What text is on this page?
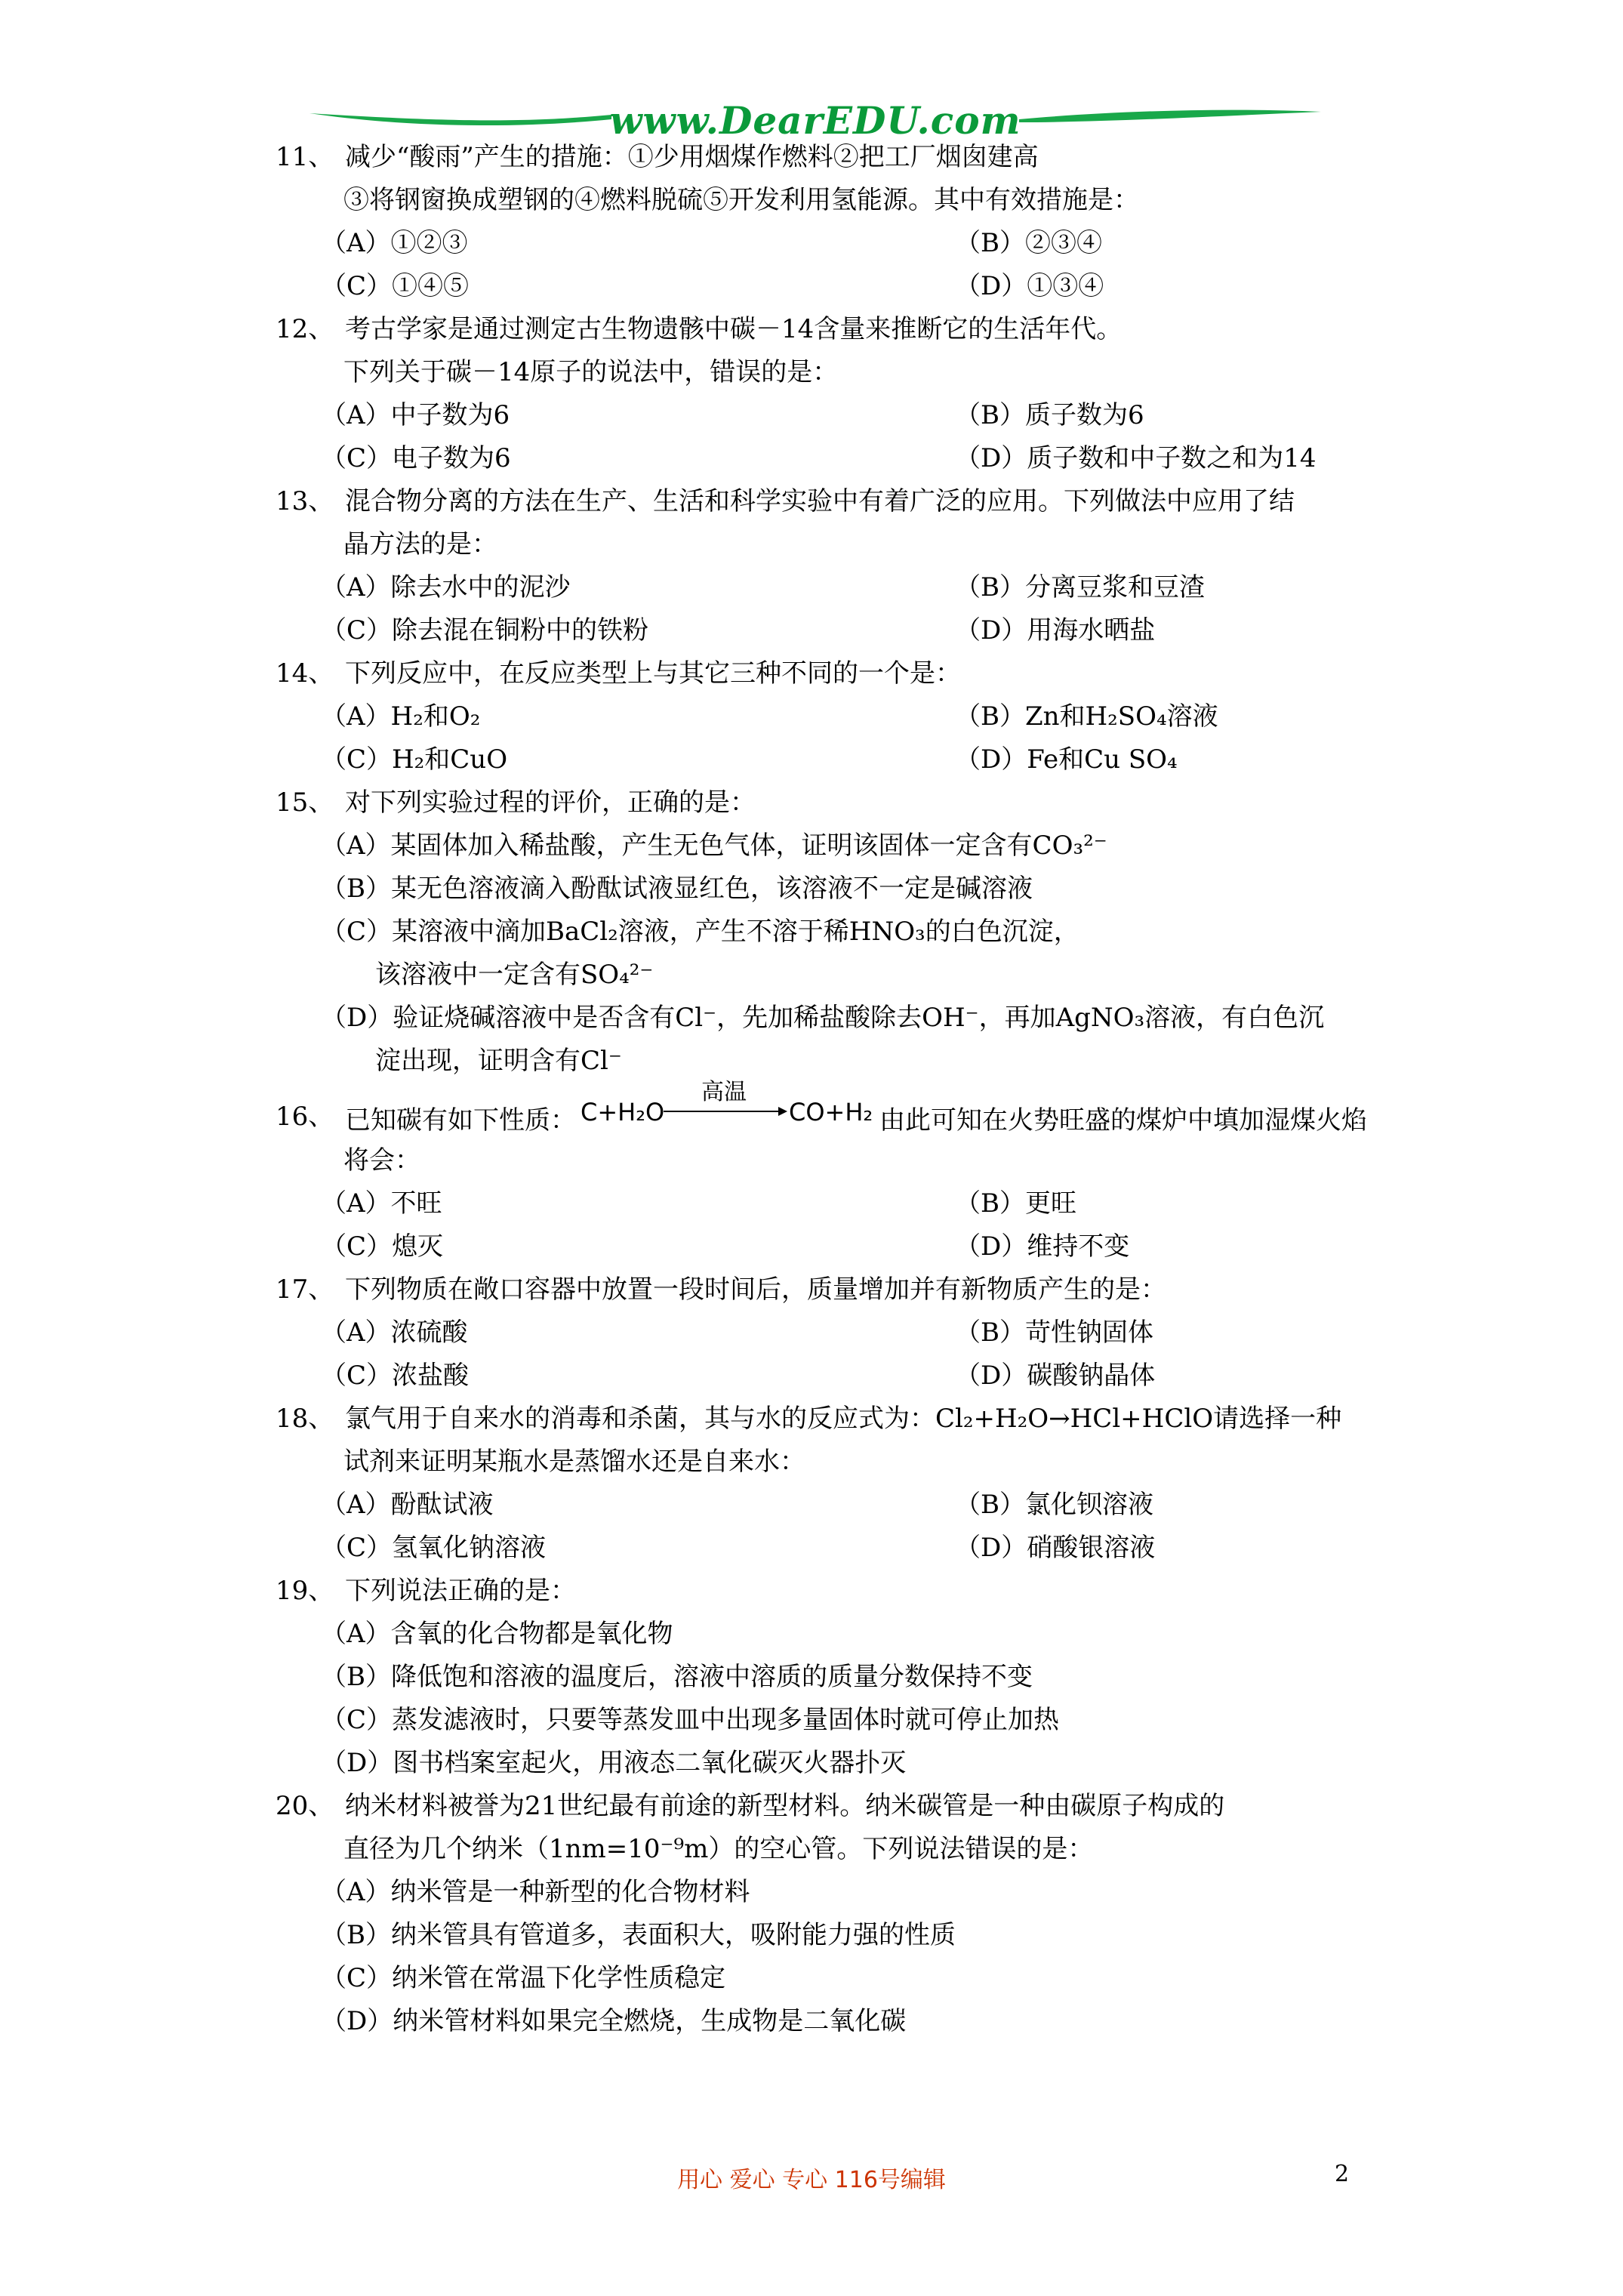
www.DearEDU.com
11、 减少“酸雨”产生的措施：①少用烟煤作燃料②把工厂烟囱建高
③将钢窗换成塑钢的④燃料脱硫⑤开发利用氢能源。其中有效措施是：
（A）①②③	（B）②③④
（C）①④⑤	（D）①③④
12、 考古学家是通过测定古生物遗骸中碳－14含量来推断它的生活年代。
下列关于碳－14原子的说法中，错误的是：
（A）中子数为6	（B）质子数为6
（C）电子数为6	（D）质子数和中子数之和为14
13、 混合物分离的方法在生产、生活和科学实验中有着广泛的应用。下列做法中应用了结
晶方法的是：
（A）除去水中的泥沙	（B）分离豆浆和豆渣
（C）除去混在铜粉中的铁粉	（D）用海水晒盐
14、 下列反应中，在反应类型上与其它三种不同的一个是：
（A）H₂和O₂	（B）Zn和H₂SO₄溶液
（C）H₂和CuO	（D）Fe和Cu SO₄
15、 对下列实验过程的评价，正确的是：
（A）某固体加入稀盐酸，产生无色气体，证明该固体一定含有CO₃²⁻
（B）某无色溶液滴入酚酞试液显红色，该溶液不一定是碱溶液
（C）某溶液中滴加BaCl₂溶液，产生不溶于稀HNO₃的白色沉淀，
该溶液中一定含有SO₄²⁻
（D）验证烧碱溶液中是否含有Cl⁻，先加稀盐酸除去OH⁻，再加AgNO₃溶液，有白色沉
淀出现，证明含有Cl⁻
16、 已知碳有如下性质： C+H₂O
高温
CO+H₂ 由此可知在火势旺盛的煤炉中填加湿煤火焰
将会：
（A）不旺	（B）更旺
（C）熄灭	（D）维持不变
17、 下列物质在敞口容器中放置一段时间后，质量增加并有新物质产生的是：
（A）浓硫酸	（B）苛性钠固体
（C）浓盐酸	（D）碳酸钠晶体
18、 氯气用于自来水的消毒和杀菌，其与水的反应式为：Cl₂+H₂O→HCl+HClO请选择一种
试剂来证明某瓶水是蒸馏水还是自来水：
（A）酚酞试液	（B）氯化钡溶液
（C）氢氧化钠溶液	（D）硝酸银溶液
19、 下列说法正确的是：
（A）含氧的化合物都是氧化物
（B）降低饱和溶液的温度后，溶液中溶质的质量分数保持不变
（C）蒸发滤液时，只要等蒸发皿中出现多量固体时就可停止加热
（D）图书档案室起火，用液态二氧化碳灭火器扑灭
20、 纳米材料被誉为21世纪最有前途的新型材料。纳米碳管是一种由碳原子构成的
直径为几个纳米（1nm=10⁻⁹m）的空心管。下列说法错误的是：
（A）纳米管是一种新型的化合物材料
（B）纳米管具有管道多，表面积大，吸附能力强的性质
（C）纳米管在常温下化学性质稳定
（D）纳米管材料如果完全燃烧，生成物是二氧化碳
用心 爱心 专心 116号编辑	2
